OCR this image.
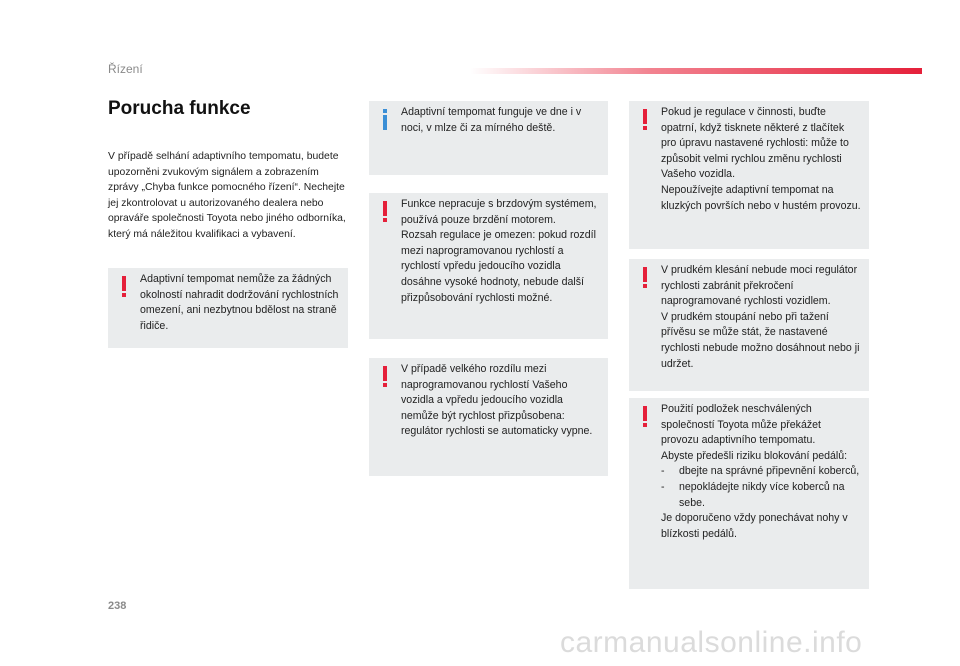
Řízení
Porucha funkce
V případě selhání adaptivního tempomatu, budete upozorněni zvukovým signálem a zobrazením zprávy „Chyba funkce pomocného řízení“. Nechejte jej zkontrolovat u autorizovaného dealera nebo opraváře společnosti Toyota nebo jiného odborníka, který má náležitou kvalifikaci a vybavení.
Adaptivní tempomat nemůže za žádných okolností nahradit dodržování rychlostních omezení, ani nezbytnou bdělost na straně řidiče.
Adaptivní tempomat funguje ve dne i v noci, v mlze či za mírného deště.
Funkce nepracuje s brzdovým systémem, používá pouze brzdění motorem.
Rozsah regulace je omezen: pokud rozdíl mezi naprogramovanou rychlostí a rychlostí vpředu jedoucího vozidla dosáhne vysoké hodnoty, nebude další přizpůsobování rychlosti možné.
V případě velkého rozdílu mezi naprogramovanou rychlostí Vašeho vozidla a vpředu jedoucího vozidla nemůže být rychlost přizpůsobena: regulátor rychlosti se automaticky vypne.
Pokud je regulace v činnosti, buďte opatrní, když tisknete některé z tlačítek pro úpravu nastavené rychlosti: může to způsobit velmi rychlou změnu rychlosti Vašeho vozidla.
Nepoužívejte adaptivní tempomat na kluzkých površích nebo v hustém provozu.
V prudkém klesání nebude moci regulátor rychlosti zabránit překročení naprogramované rychlosti vozidlem.
V prudkém stoupání nebo při tažení přívěsu se může stát, že nastavené rychlosti nebude možno dosáhnout nebo ji udržet.
Použití podložek neschválených společností Toyota může překážet provozu adaptivního tempomatu.
Abyste předešli riziku blokování pedálů:
- dbejte na správné připevnění koberců,
- nepokládejte nikdy více koberců na sebe.
Je doporučeno vždy ponechávat nohy v blízkosti pedálů.
238
carmanualsonline.info
